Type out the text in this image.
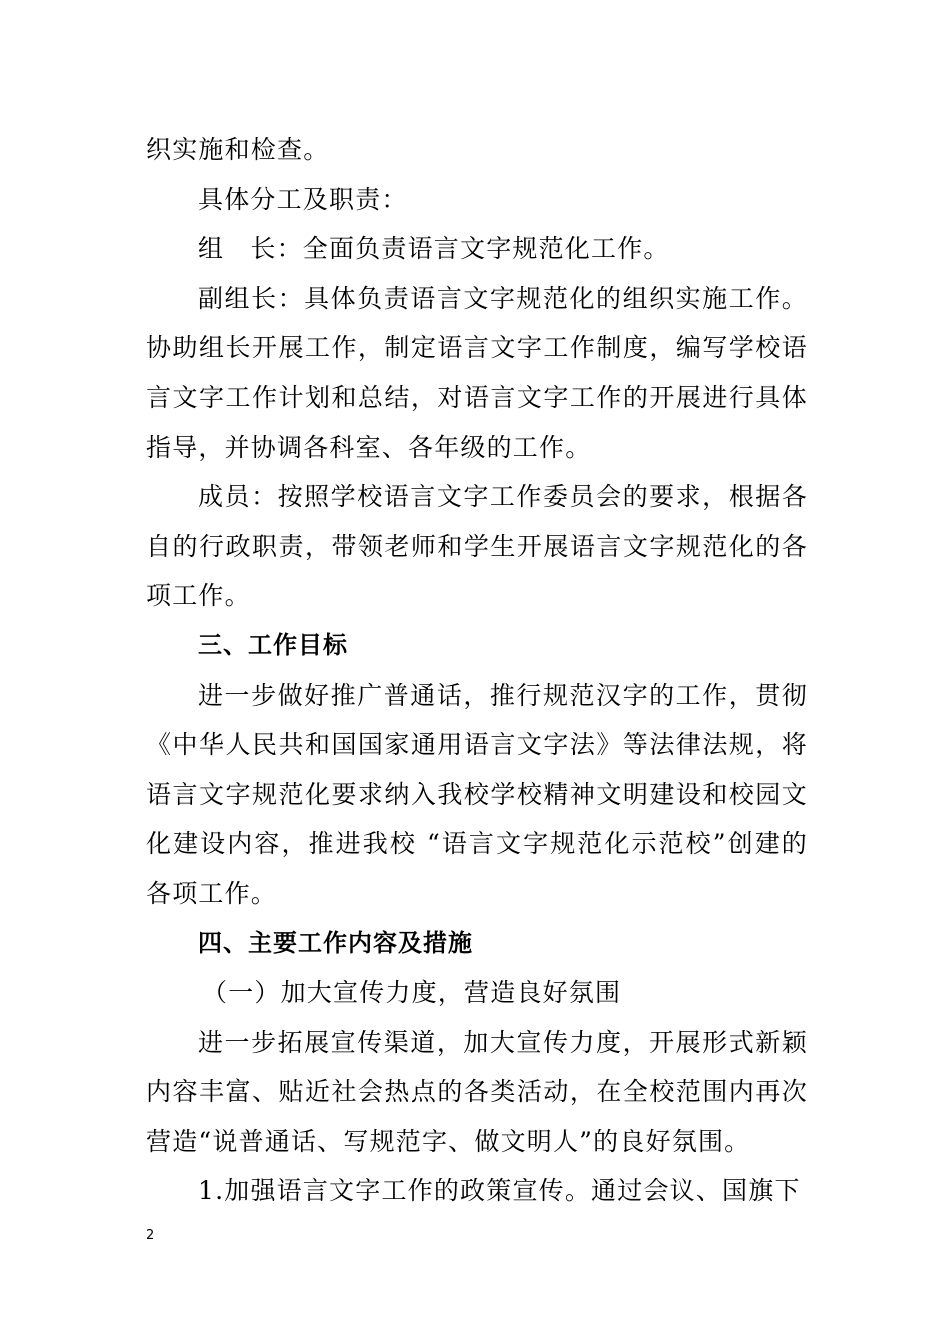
织实施和检查。

具体分工及职责：

组　长：全面负责语言文字规范化工作。

副组长：具体负责语言文字规范化的组织实施工作。协助组长开展工作，制定语言文字工作制度，编写学校语言文字工作计划和总结，对语言文字工作的开展进行具体指导，并协调各科室、各年级的工作。

成员：按照学校语言文字工作委员会的要求，根据各自的行政职责，带领老师和学生开展语言文字规范化的各项工作。

三、工作目标

进一步做好推广普通话，推行规范汉字的工作，贯彻《中华人民共和国国家通用语言文字法》等法律法规，将语言文字规范化要求纳入我校学校精神文明建设和校园文化建设内容，推进我校 “语言文字规范化示范校”创建的各项工作。

四、主要工作内容及措施

（一）加大宣传力度，营造良好氛围

进一步拓展宣传渠道，加大宣传力度，开展形式新颖内容丰富、贴近社会热点的各类活动，在全校范围内再次营造“说普通话、写规范字、做文明人”的良好氛围。

1.加强语言文字工作的政策宣传。通过会议、国旗下

2
